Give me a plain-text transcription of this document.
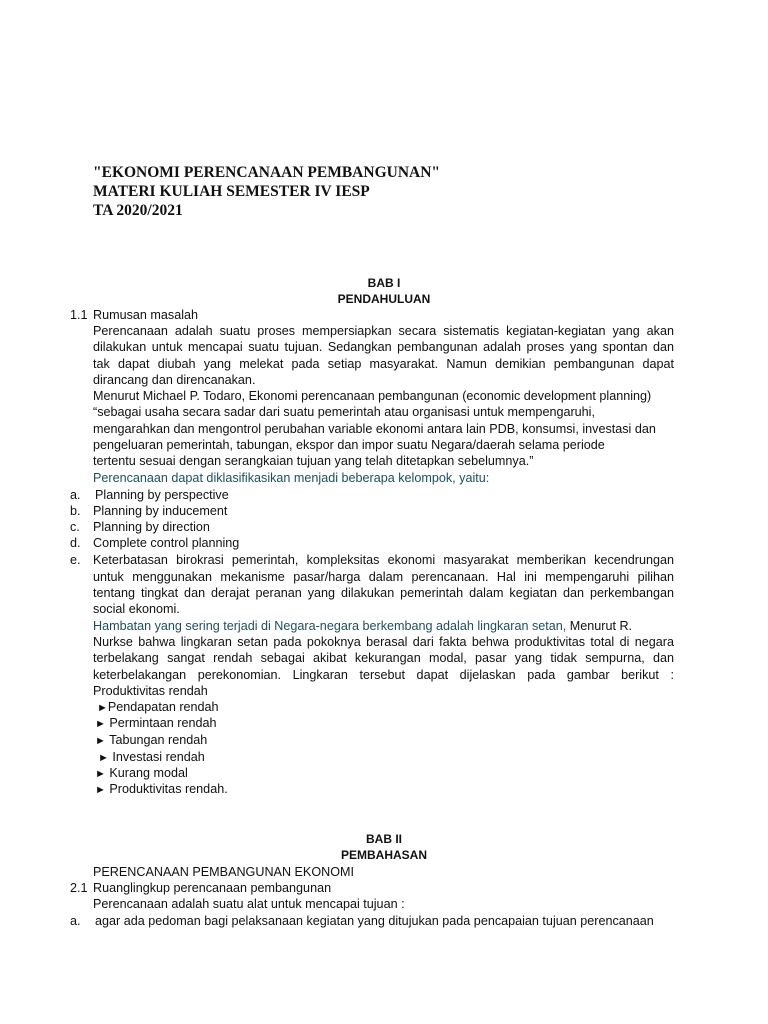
"EKONOMI PERENCANAAN PEMBANGUNAN"
MATERI KULIAH SEMESTER IV IESP
TA 2020/2021
BAB I
PENDAHULUAN
1.1 Rumusan masalah
Perencanaan adalah suatu proses mempersiapkan secara sistematis kegiatan-kegiatan yang akan
dilakukan untuk mencapai suatu tujuan. Sedangkan pembangunan adalah proses yang spontan dan
tak dapat diubah yang melekat pada setiap masyarakat. Namun demikian pembangunan dapat
dirancang dan direncanakan.
Menurut Michael P. Todaro, Ekonomi perencanaan pembangunan (economic development planning)
“sebagai usaha secara sadar dari suatu pemerintah atau organisasi untuk mempengaruhi,
mengarahkan dan mengontrol perubahan variable ekonomi antara lain PDB, konsumsi, investasi dan
pengeluaran pemerintah, tabungan, ekspor dan impor suatu Negara/daerah selama periode
tertentu sesuai dengan serangkaian tujuan yang telah ditetapkan sebelumnya.”
Perencanaan dapat diklasifikasikan menjadi beberapa kelompok, yaitu:
a. Planning by perspective
b. Planning by inducement
c. Planning by direction
d. Complete control planning
e. Keterbatasan birokrasi pemerintah, kompleksitas ekonomi masyarakat memberikan kecendrungan
untuk menggunakan mekanisme pasar/harga dalam perencanaan. Hal ini mempengaruhi pilihan
tentang tingkat dan derajat peranan yang dilakukan pemerintah dalam kegiatan dan perkembangan
social ekonomi.
Hambatan yang sering terjadi di Negara-negara berkembang adalah lingkaran setan, Menurut R.
Nurkse bahwa lingkaran setan pada pokoknya berasal dari fakta behwa produktivitas total di negara
terbelakang sangat rendah sebagai akibat kekurangan modal, pasar yang tidak sempurna, dan
keterbelakangan perekonomian. Lingkaran tersebut dapat dijelaskan pada gambar berikut :
Produktivitas rendah
►Pendapatan rendah
► Permintaan rendah
► Tabungan rendah
► Investasi rendah
► Kurang modal
► Produktivitas rendah.
BAB II
PEMBAHASAN
PERENCANAAN PEMBANGUNAN EKONOMI
2.1 Ruanglingkup perencanaan pembangunan
Perencanaan adalah suatu alat untuk mencapai tujuan :
a. agar ada pedoman bagi pelaksanaan kegiatan yang ditujukan pada pencapaian tujuan perencanaan
